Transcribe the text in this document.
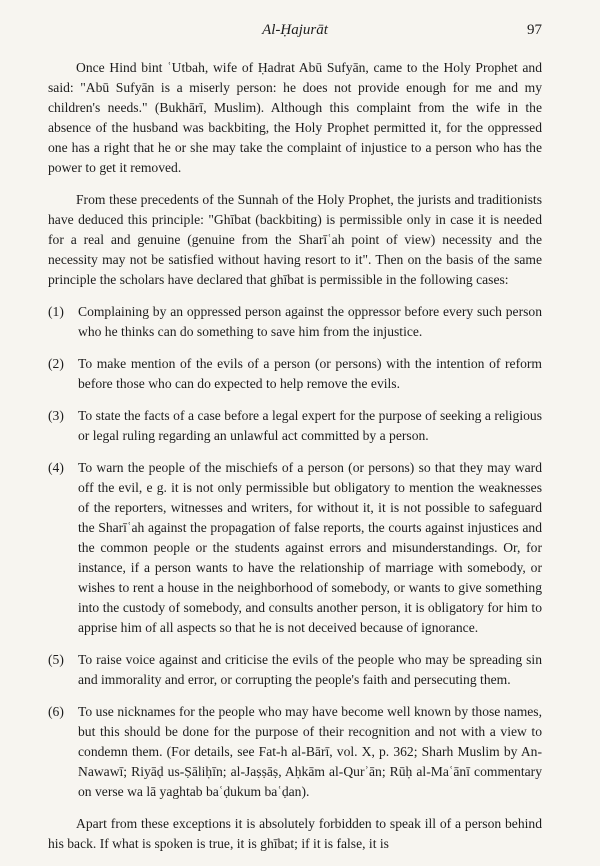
Al-Ḥajurāt	97

Once Hind bint ʿUtbah, wife of Ḥadrat Abū Sufyān, came to the Holy Prophet and said: "Abū Sufyān is a miserly person: he does not provide enough for me and my children's needs." (Bukhārī, Muslim). Although this complaint from the wife in the absence of the husband was backbiting, the Holy Prophet permitted it, for the oppressed one has a right that he or she may take the complaint of injustice to a person who has the power to get it removed.

From these precedents of the Sunnah of the Holy Prophet, the jurists and traditionists have deduced this principle: "Ghībat (backbiting) is permissible only in case it is needed for a real and genuine (genuine from the Sharīʿah point of view) necessity and the necessity may not be satisfied without having resort to it". Then on the basis of the same principle the scholars have declared that ghībat is permissible in the following cases:

(1)	Complaining by an oppressed person against the oppressor before every such person who he thinks can do something to save him from the injustice.
(2)	To make mention of the evils of a person (or persons) with the intention of reform before those who can do expected to help remove the evils.
(3)	To state the facts of a case before a legal expert for the purpose of seeking a religious or legal ruling regarding an unlawful act committed by a person.
(4)	To warn the people of the mischiefs of a person (or persons) so that they may ward off the evil, e g. it is not only permissible but obligatory to mention the weaknesses of the reporters, witnesses and writers, for without it, it is not possible to safeguard the Sharīʿah against the propagation of false reports, the courts against injustices and the common people or the students against errors and misunderstandings. Or, for instance, if a person wants to have the relationship of marriage with somebody, or wishes to rent a house in the neighborhood of somebody, or wants to give something into the custody of somebody, and consults another person, it is obligatory for him to apprise him of all aspects so that he is not deceived because of ignorance.
(5)	To raise voice against and criticise the evils of the people who may be spreading sin and immorality and error, or corrupting the people's faith and persecuting them.
(6)	To use nicknames for the people who may have become well known by those names, but this should be done for the purpose of their recognition and not with a view to condemn them. (For details, see Fat-h al-Bārī, vol. X, p. 362; Sharh Muslim by An-Nawawī; Riyāḍ us-Ṣāliḥīn; al-Jaṣṣāṣ, Aḥkām al-Qurʾān; Rūḥ al-Maʿānī commentary on verse wa lā yaghtab baʿḍukum baʿḍan).

Apart from these exceptions it is absolutely forbidden to speak ill of a person behind his back. If what is spoken is true, it is ghībat; if it is false, it is
